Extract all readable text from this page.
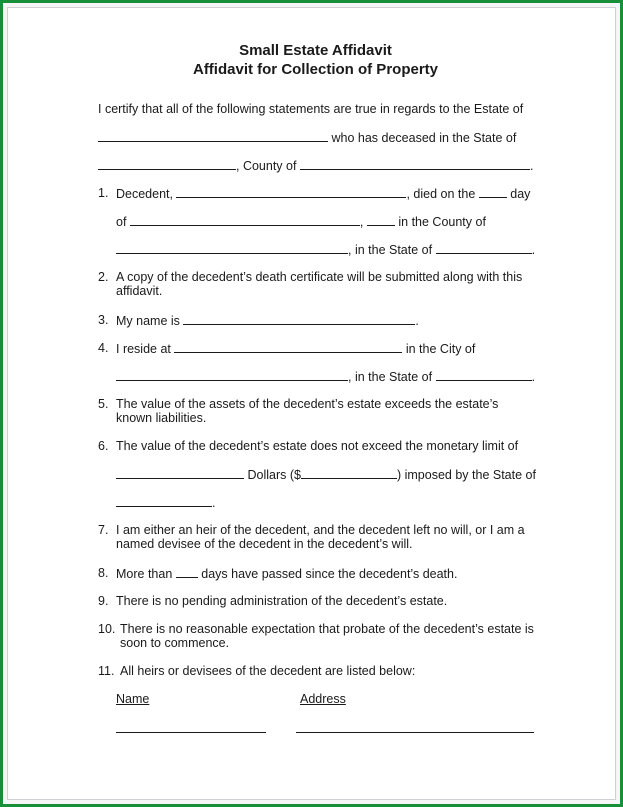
Small Estate Affidavit
Affidavit for Collection of Property
I certify that all of the following statements are true in regards to the Estate of
who has deceased in the State of
, County of	.
1. Decedent,	, died on the	day
of	,	in the County of
, in the State of	.
2. A copy of the decedent’s death certificate will be submitted along with this affidavit.
3. My name is	.
4. I reside at	in the City of
, in the State of	.
5. The value of the assets of the decedent’s estate exceeds the estate’s known liabilities.
6. The value of the decedent’s estate does not exceed the monetary limit of
Dollars ($	) imposed by the State of
.
7. I am either an heir of the decedent, and the decedent left no will, or I am a named devisee of the decedent in the decedent’s will.
8. More than days have passed since the decedent’s death.
9. There is no pending administration of the decedent’s estate.
10. There is no reasonable expectation that probate of the decedent’s estate is soon to commence.
11. All heirs or devisees of the decedent are listed below:
Name	Address
